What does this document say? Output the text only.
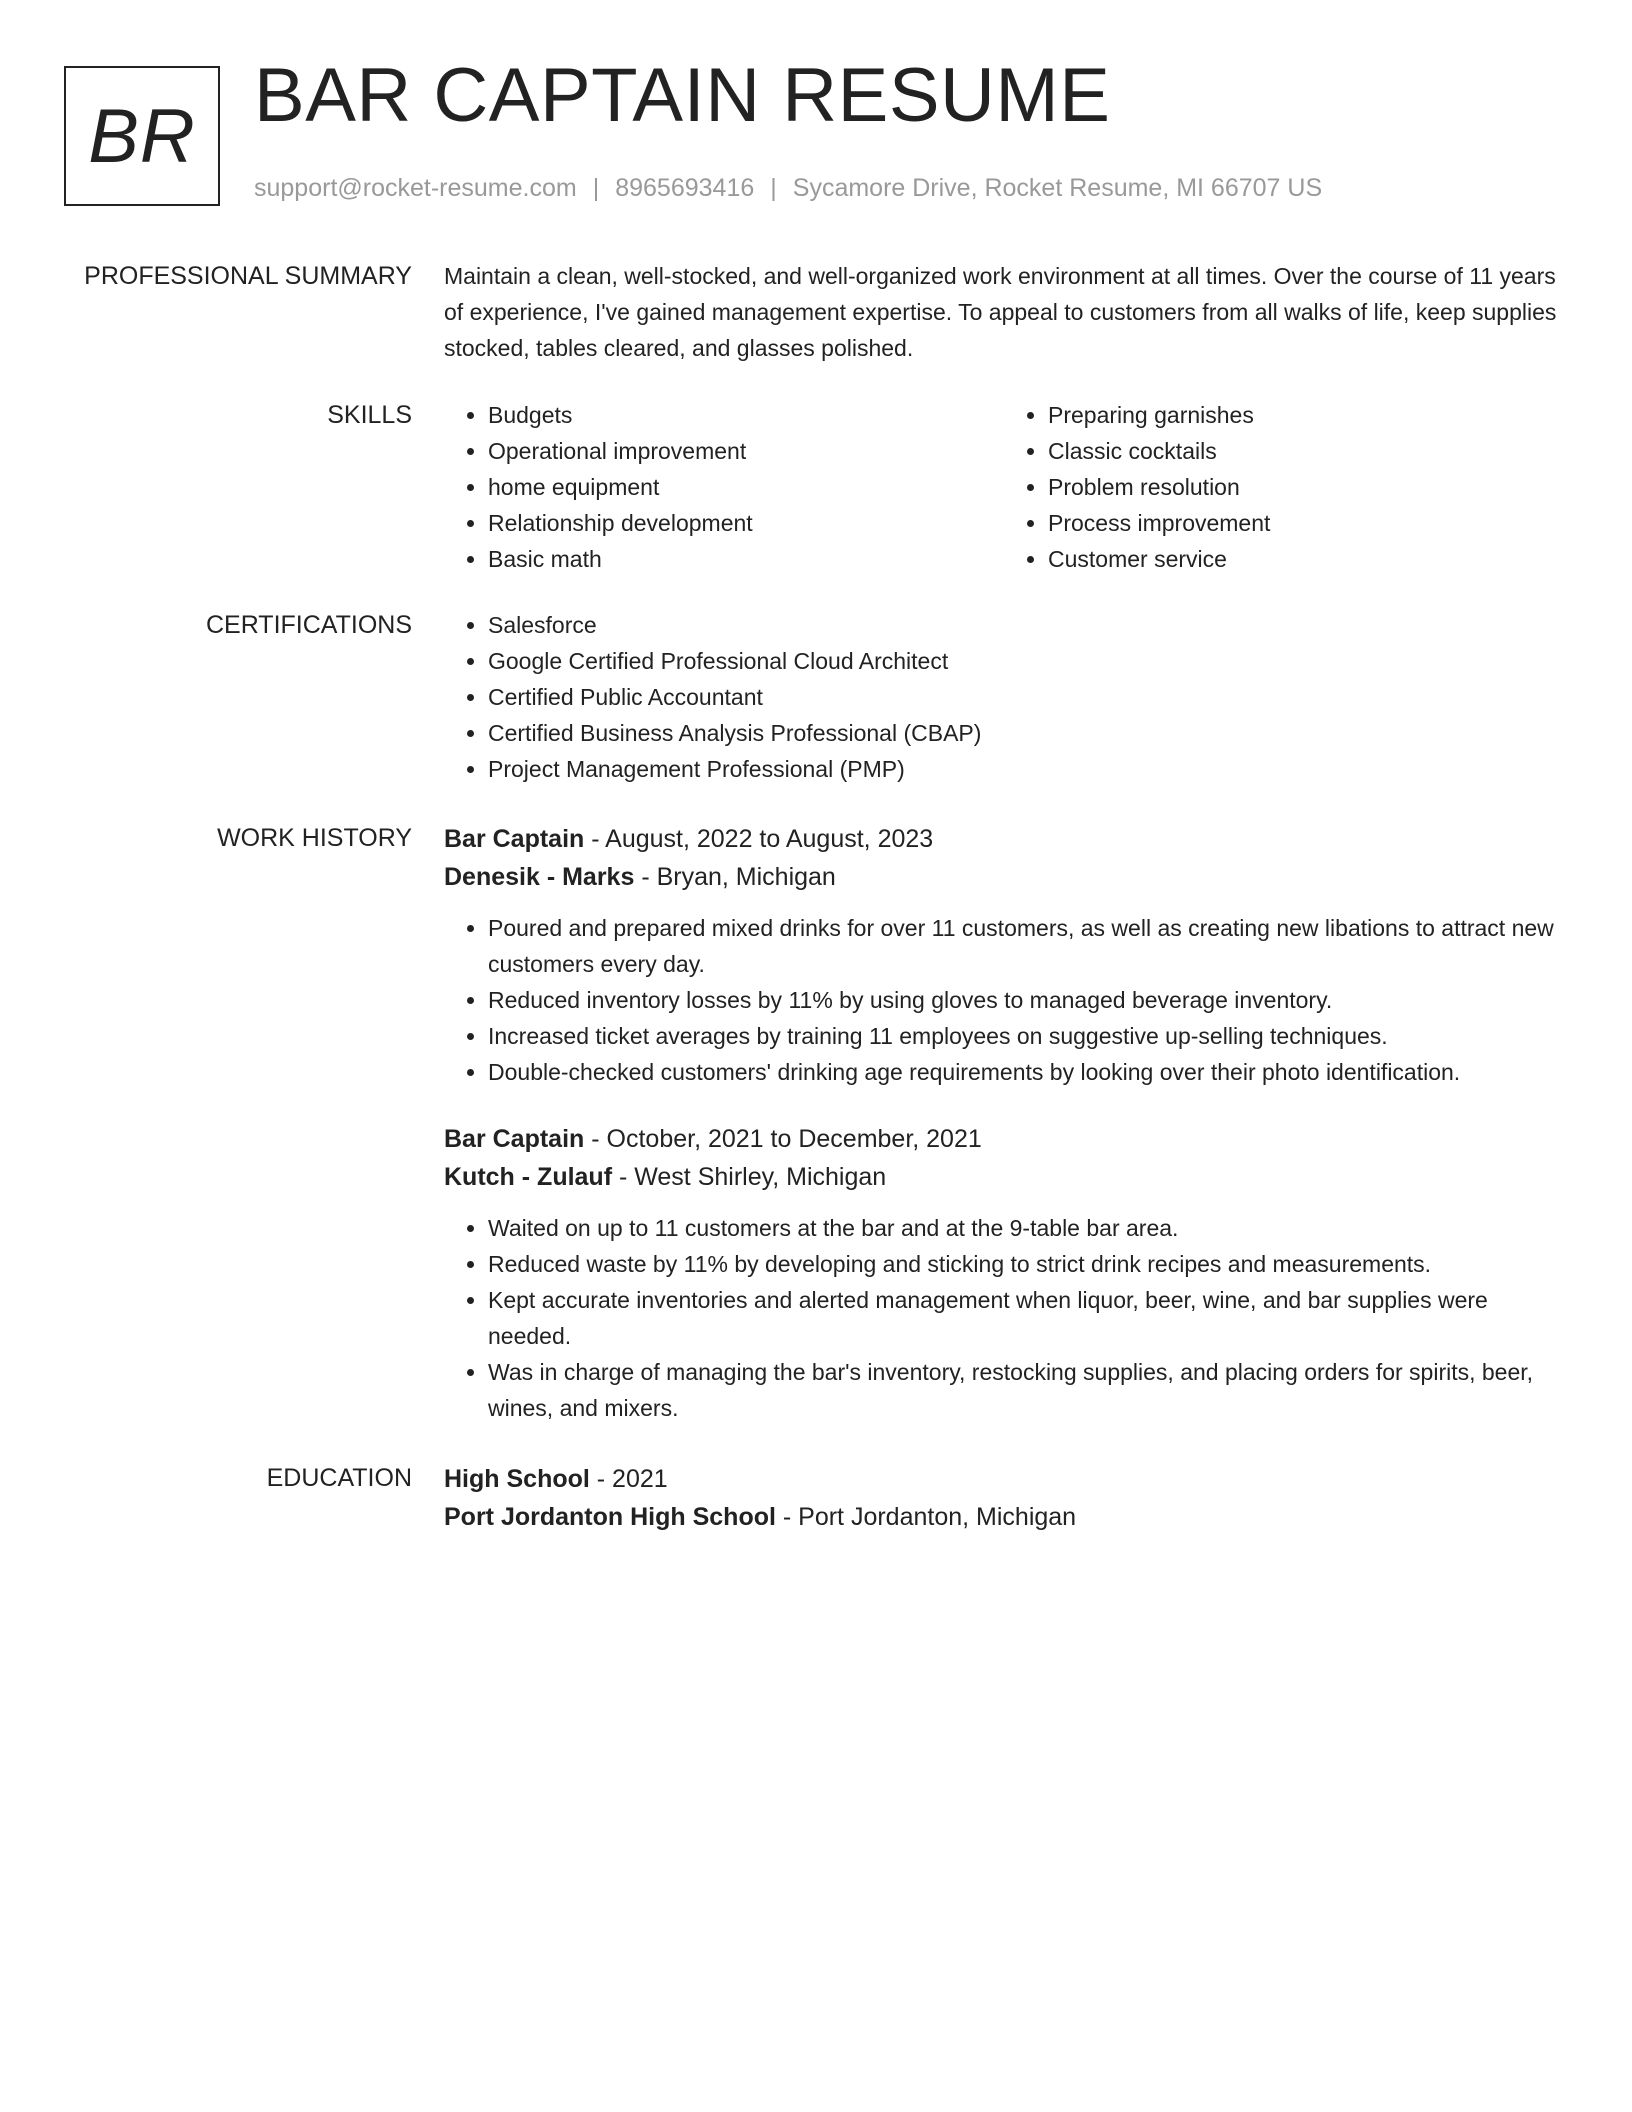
BR BAR CAPTAIN RESUME
support@rocket-resume.com | 8965693416 | Sycamore Drive, Rocket Resume, MI 66707 US
PROFESSIONAL SUMMARY Maintain a clean, well-stocked, and well-organized work environment at all times. Over the course of 11 years of experience, I've gained management expertise. To appeal to customers from all walks of life, keep supplies stocked, tables cleared, and glasses polished.

SKILLS	• Budgets
• Operational improvement
• home equipment
• Relationship development
• Basic math
• Preparing garnishes
• Classic cocktails
• Problem resolution
• Process improvement
• Customer service
CERTIFICATIONS	• Salesforce
• Google Certified Professional Cloud Architect
• Certified Public Accountant
• Certified Business Analysis Professional (CBAP)
• Project Management Professional (PMP)
WORK HISTORY Bar Captain - August, 2022 to August, 2023
Denesik - Marks - Bryan, Michigan
• Poured and prepared mixed drinks for over 11 customers, as well as creating new libations to attract new customers every day.
• Reduced inventory losses by 11% by using gloves to managed beverage inventory.
• Increased ticket averages by training 11 employees on suggestive up-selling techniques.
• Double-checked customers' drinking age requirements by looking over their photo identification.
Bar Captain - October, 2021 to December, 2021
Kutch - Zulauf - West Shirley, Michigan
• Waited on up to 11 customers at the bar and at the 9-table bar area.
• Reduced waste by 11% by developing and sticking to strict drink recipes and measurements.
• Kept accurate inventories and alerted management when liquor, beer, wine, and bar supplies were needed.
• Was in charge of managing the bar's inventory, restocking supplies, and placing orders for spirits, beer, wines, and mixers.
EDUCATION High School - 2021
Port Jordanton High School - Port Jordanton, Michigan
